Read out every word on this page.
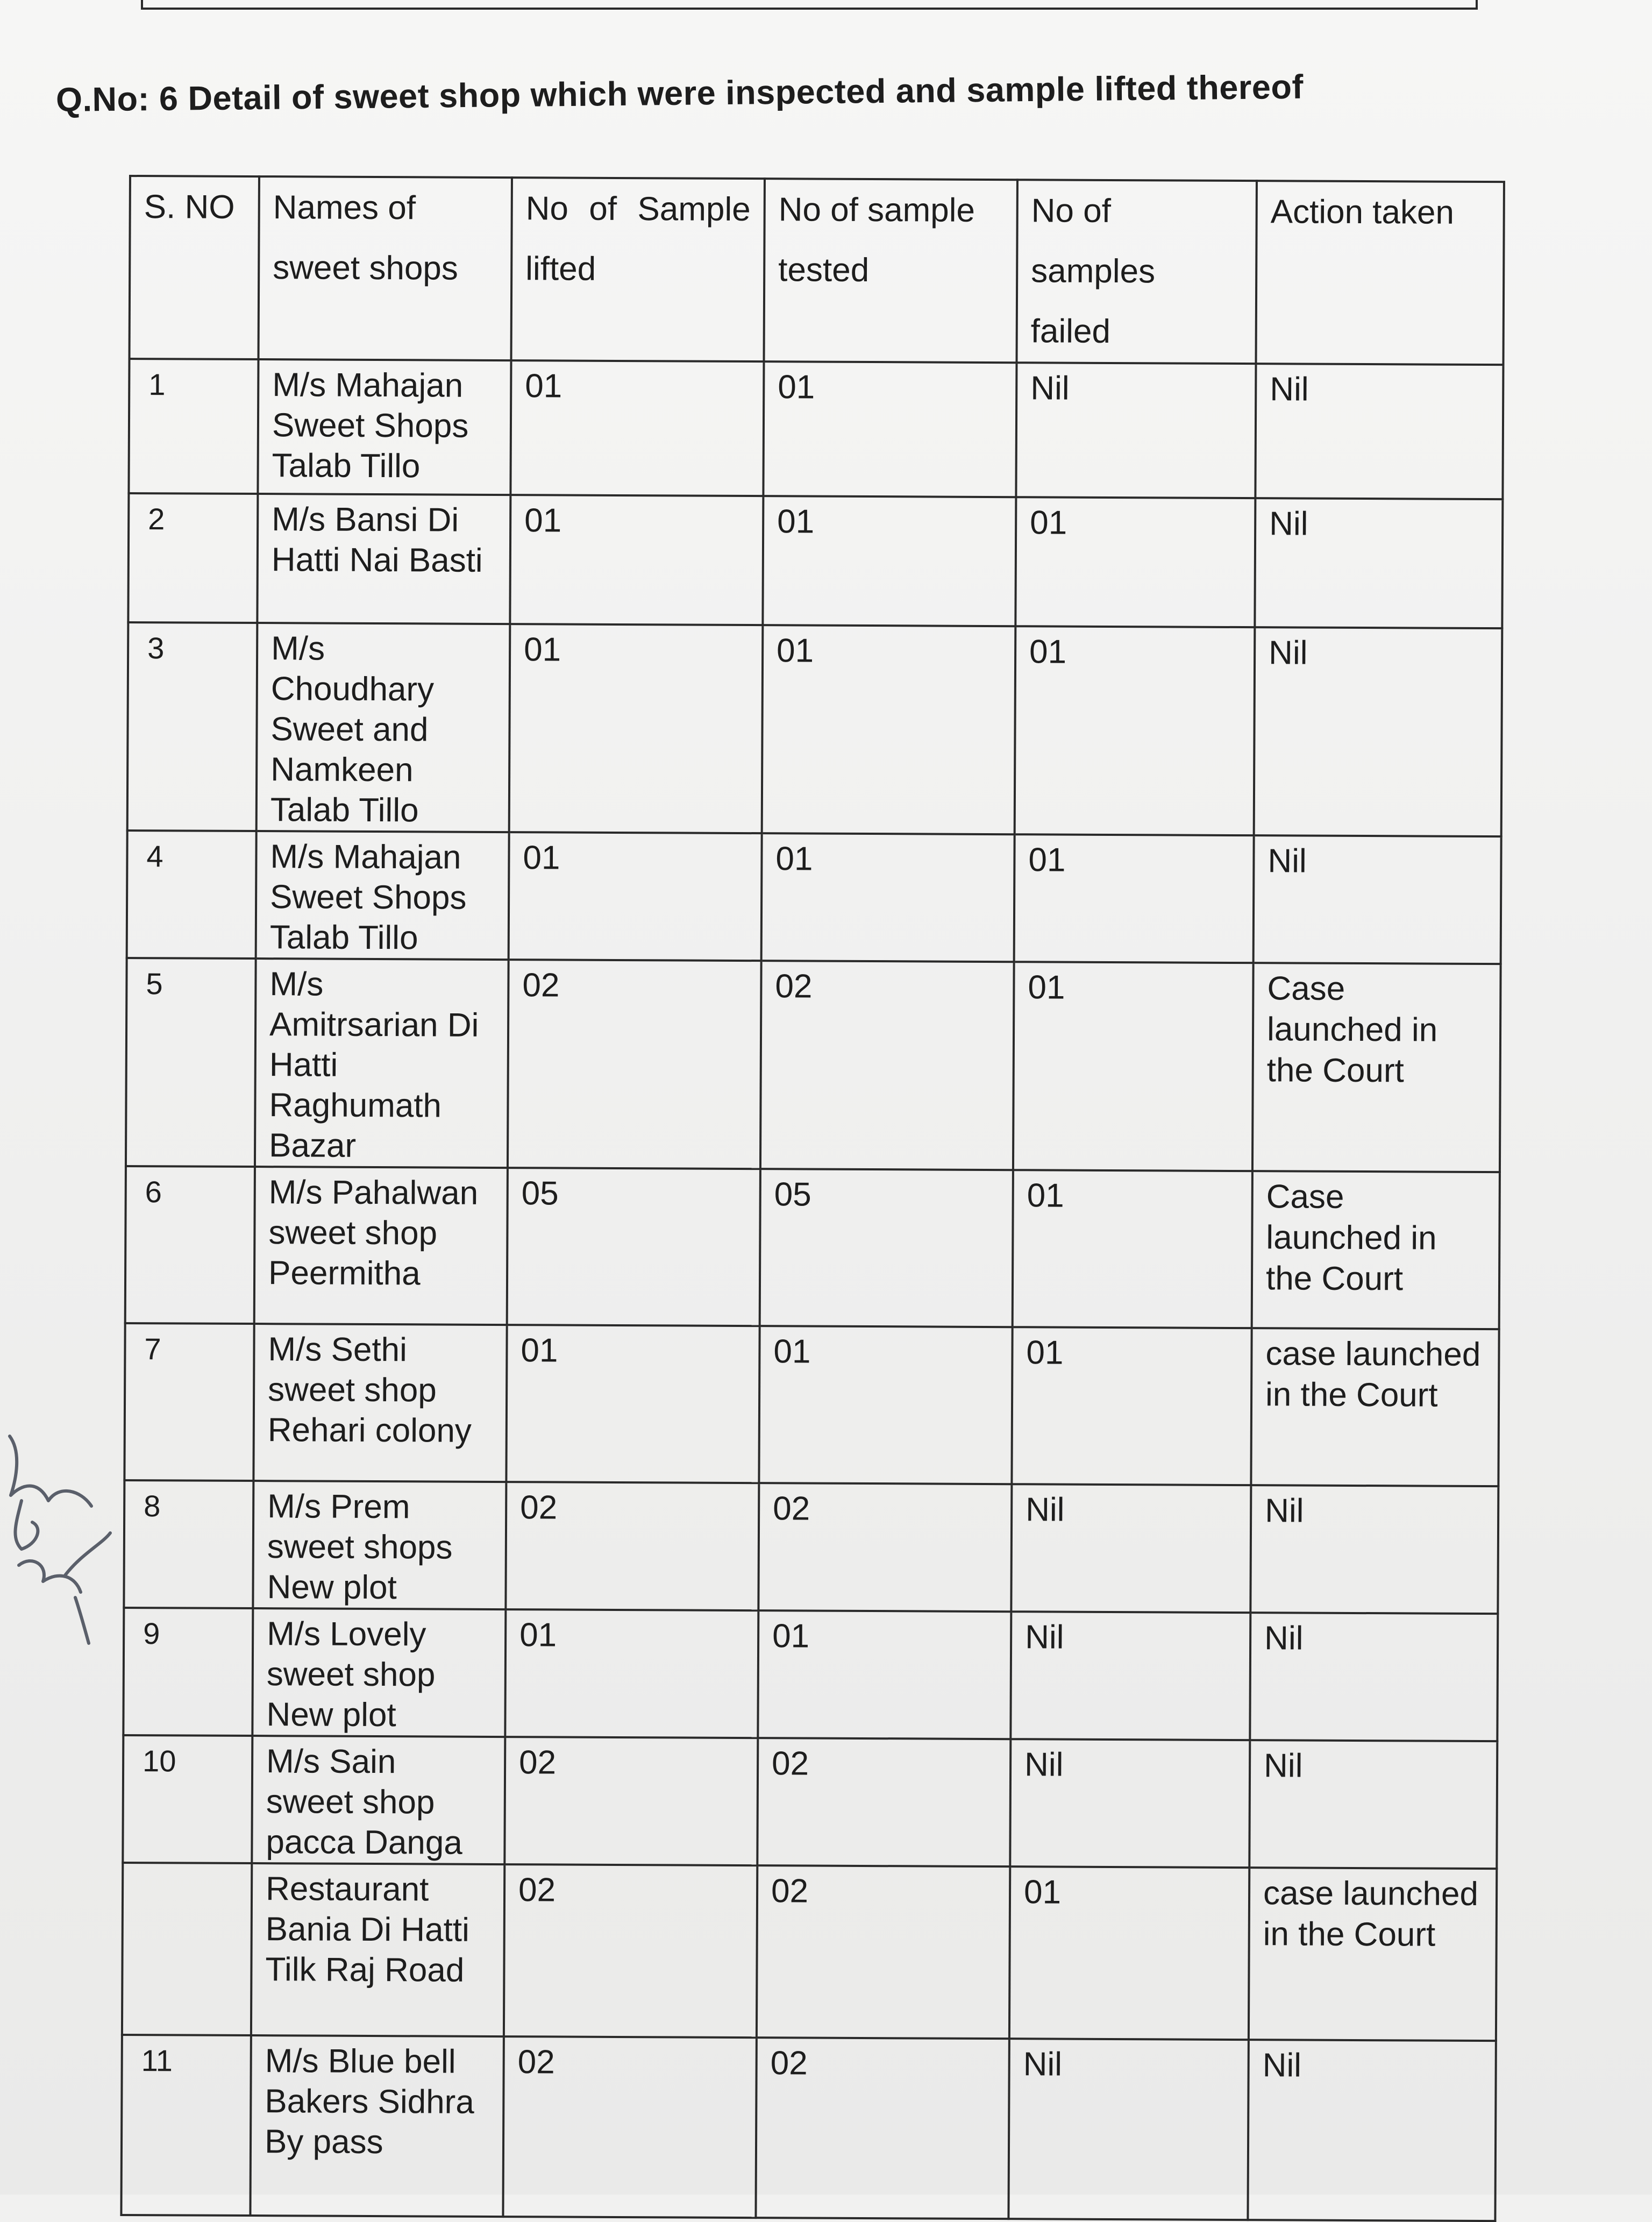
Q.No: 6 Detail of sweet shop which were inspected and sample lifted thereof
S. NO	Names of sweet shops	No of Sample lifted	No of sample tested	No of samples failed	Action taken
1	M/s Mahajan Sweet Shops Talab Tillo	01	01	Nil	Nil
2	M/s Bansi Di Hatti Nai Basti	01	01	01	Nil
3	M/s Choudhary Sweet and Namkeen Talab Tillo	01	01	01	Nil
4	M/s Mahajan Sweet Shops Talab Tillo	01	01	01	Nil
5	M/s Amitrsarian Di Hatti Raghumath Bazar	02	02	01	Case launched in the Court
6	M/s Pahalwan sweet shop Peermitha	05	05	01	Case launched in the Court
7	M/s Sethi sweet shop Rehari colony	01	01	01	case launched in the Court
8	M/s Prem sweet shops New plot	02	02	Nil	Nil
9	M/s Lovely sweet shop New plot	01	01	Nil	Nil
10	M/s Sain sweet shop pacca Danga	02	02	Nil	Nil
	Restaurant Bania Di Hatti Tilk Raj Road	02	02	01	case launched in the Court
11	M/s Blue bell Bakers Sidhra By pass	02	02	Nil	Nil
